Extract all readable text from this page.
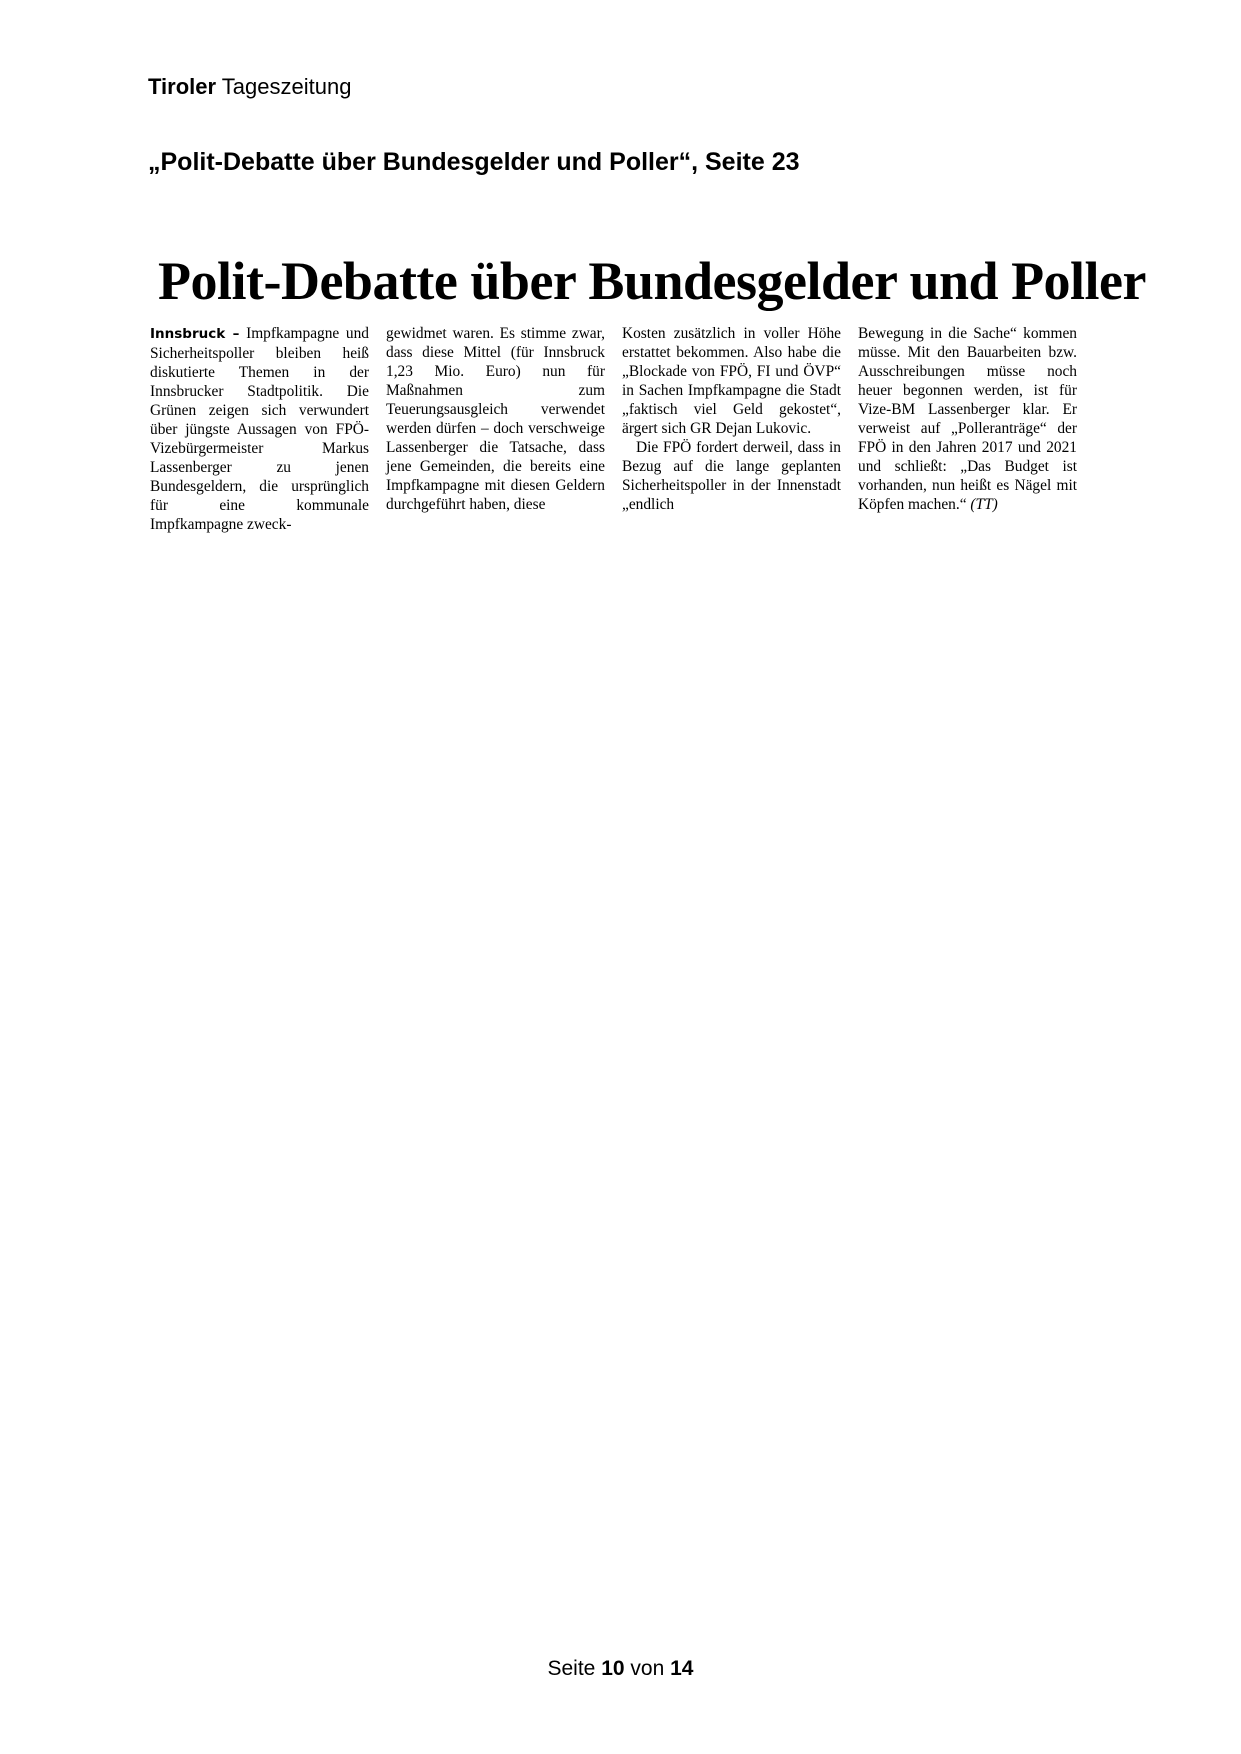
Tiroler Tageszeitung
„Polit-Debatte über Bundesgelder und Poller“, Seite 23
Polit-Debatte über Bundesgelder und Poller

Innsbruck – Impfkampagne und Sicherheitspoller bleiben heiß diskutierte Themen in der Innsbrucker Stadtpolitik. Die Grünen zeigen sich verwundert über jüngste Aussagen von FPÖ-Vizebürgermeister Markus Lassenberger zu jenen Bundesgeldern, die ursprünglich für eine kommunale Impfkampagne zweck-

gewidmet waren. Es stimme zwar, dass diese Mittel (für Innsbruck 1,23 Mio. Euro) nun für Maßnahmen zum Teuerungsausgleich verwendet werden dürfen – doch verschweige Lassenberger die Tatsache, dass jene Gemeinden, die bereits eine Impfkampagne mit diesen Geldern durchgeführt haben, diese

Kosten zusätzlich in voller Höhe erstattet bekommen. Also habe die „Blockade von FPÖ, FI und ÖVP“ in Sachen Impfkampagne die Stadt „faktisch viel Geld gekostet“, ärgert sich GR Dejan Lukovic.

Die FPÖ fordert derweil, dass in Bezug auf die lange geplanten Sicherheitspoller in der Innenstadt „endlich

Bewegung in die Sache“ kommen müsse. Mit den Bauarbeiten bzw. Ausschreibungen müsse noch heuer begonnen werden, ist für Vize-BM Lassenberger klar. Er verweist auf „Polleranträge“ der FPÖ in den Jahren 2017 und 2021 und schließt: „Das Budget ist vorhanden, nun heißt es Nägel mit Köpfen machen.“ (TT)

Seite 10 von 14
